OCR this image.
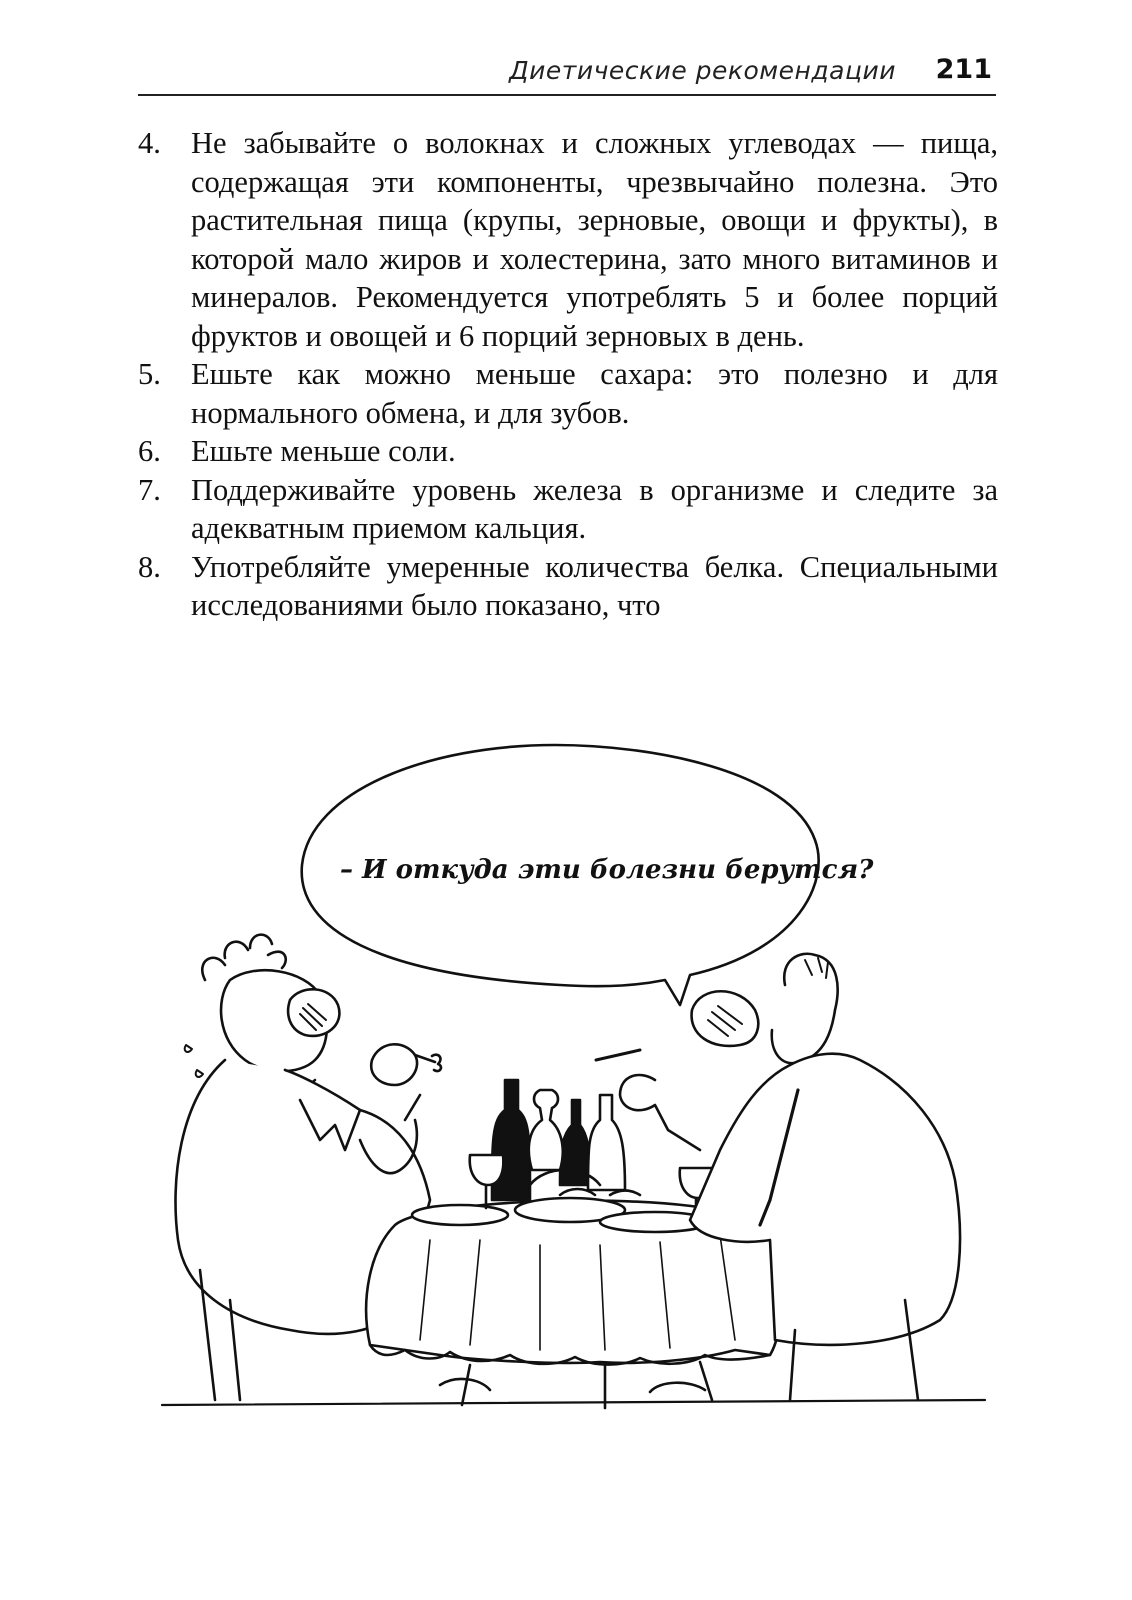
Диетические рекомендации 211
4. Не забывайте о волокнах и сложных углеводах — пища, содержащая эти компоненты, чрезвычайно полезна. Это растительная пища (крупы, зерновые, овощи и фрукты), в которой мало жиров и холестерина, зато много витаминов и минералов. Рекомендуется употреблять 5 и более порций фруктов и овощей и 6 порций зерновых в день.
5. Ешьте как можно меньше сахара: это полезно и для нормального обмена, и для зубов.
6. Ешьте меньше соли.
7. Поддерживайте уровень железа в организме и следите за адекватным приемом кальция.
8. Употребляйте умеренные количества белка. Специальными исследованиями было показано, что
– И откуда эти болезни берутся?
